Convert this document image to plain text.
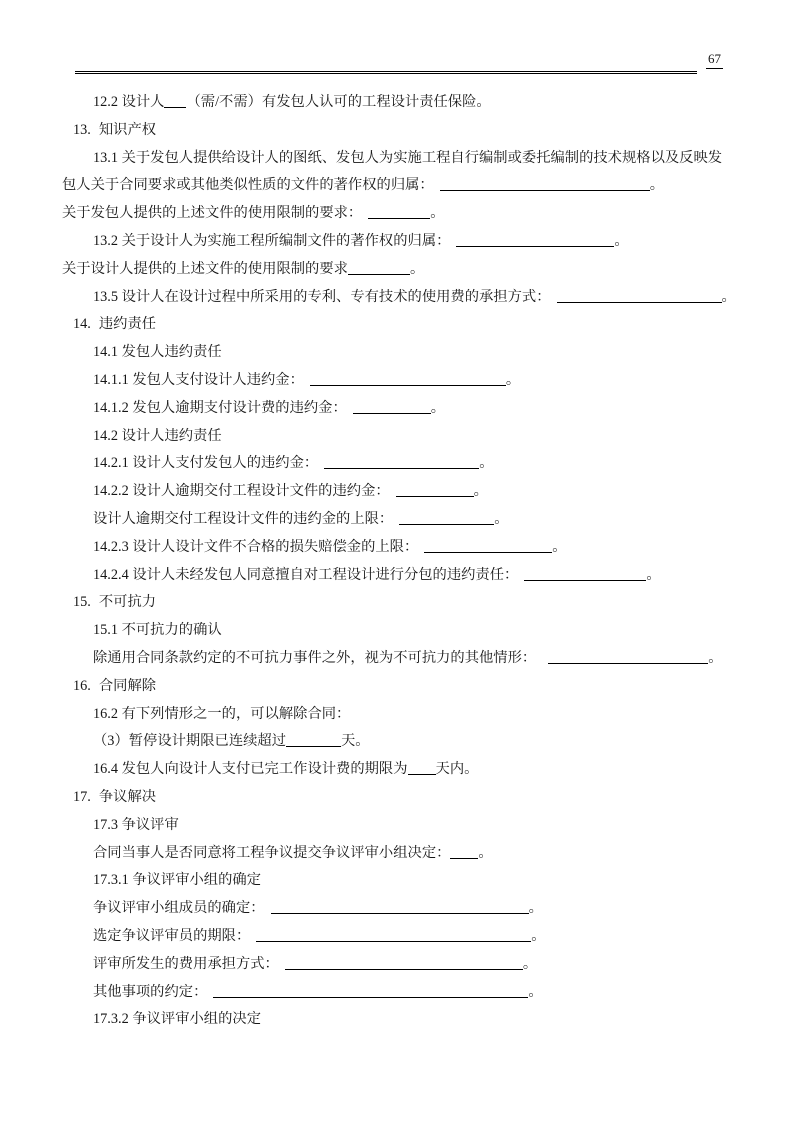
67
12.2 设计人 （需/不需）有发包人认可的工程设计责任保险。
13. 知识产权
13.1 关于发包人提供给设计人的图纸、发包人为实施工程自行编制或委托编制的技术规格以及反映发
包人关于合同要求或其他类似性质的文件的著作权的归属：	。
关于发包人提供的上述文件的使用限制的要求：	。
13.2 关于设计人为实施工程所编制文件的著作权的归属：	。
关于设计人提供的上述文件的使用限制的要求	。
13.5 设计人在设计过程中所采用的专利、专有技术的使用费的承担方式：	。
14. 违约责任
14.1 发包人违约责任
14.1.1 发包人支付设计人违约金：	。
14.1.2 发包人逾期支付设计费的违约金：	。
14.2 设计人违约责任
14.2.1 设计人支付发包人的违约金：	。
14.2.2 设计人逾期交付工程设计文件的违约金：	。
设计人逾期交付工程设计文件的违约金的上限：	。
14.2.3 设计人设计文件不合格的损失赔偿金的上限：	。
14.2.4 设计人未经发包人同意擅自对工程设计进行分包的违约责任：	。
15. 不可抗力
15.1 不可抗力的确认
除通用合同条款约定的不可抗力事件之外，视为不可抗力的其他情形：	。
16. 合同解除
16.2 有下列情形之一的，可以解除合同：
（3）暂停设计期限已连续超过	天。
16.4 发包人向设计人支付已完工作设计费的期限为 天内。
17. 争议解决
17.3 争议评审
合同当事人是否同意将工程争议提交争议评审小组决定： 。
17.3.1 争议评审小组的确定
争议评审小组成员的确定：	。
选定争议评审员的期限：	。
评审所发生的费用承担方式：	。
其他事项的约定：	。
17.3.2 争议评审小组的决定
